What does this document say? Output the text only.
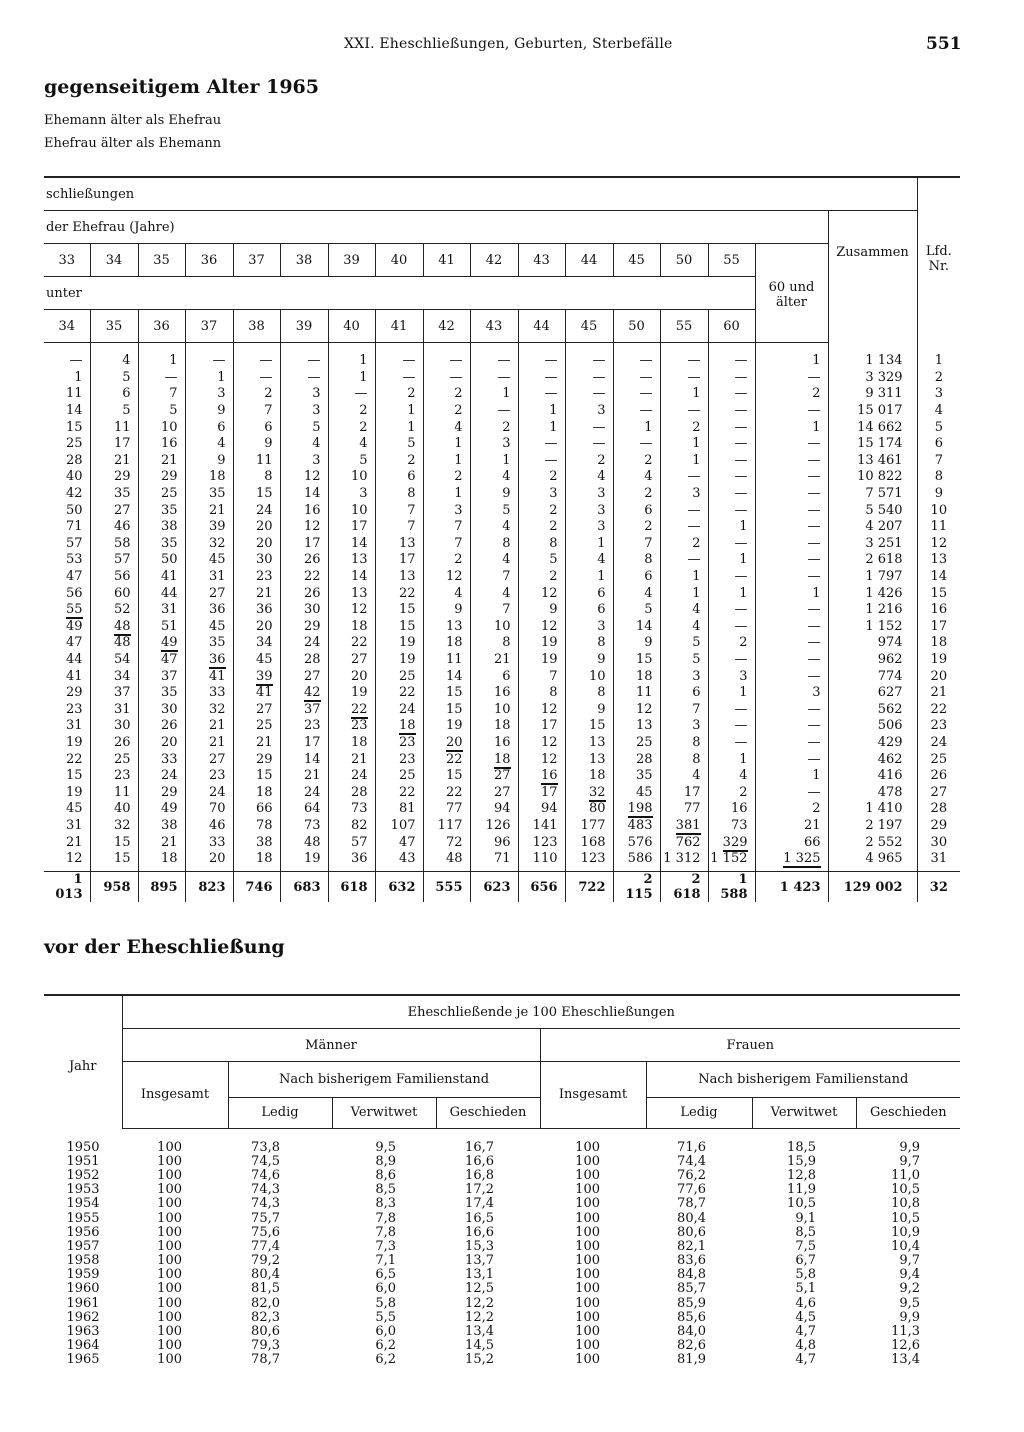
XXI. Eheschließungen, Geburten, Sterbefälle	551
gegenseitigem Alter 1965
Ehemann älter als Ehefrau
Ehefrau älter als Ehemann
schließungen																	Lfd. Nr.
der Ehefrau (Jahre)																Zusammen	
33	34	35	36	37	38	39	40	41	42	43	44	45	50	55	60 und älter		
unter																	
34	35	36	37	38	39	40	41	42	43	44	45	50	55	60			

—	4	1	—	—	—	1	—	—	—	—	—	—	—	—	1	1 134	1
1	5	—	1	—	—	1	—	—	—	—	—	—	—	—	—	3 329	2
11	6	7	3	2	3	—	2	2	1	—	—	—	1	—	2	9 311	3
14	5	5	9	7	3	2	1	2	—	1	3	—	—	—	—	15 017	4
15	11	10	6	6	5	2	1	4	2	1	—	1	2	—	1	14 662	5
25	17	16	4	9	4	4	5	1	3	—	—	—	1	—	—	15 174	6
28	21	21	9	11	3	5	2	1	1	—	2	2	1	—	—	13 461	7
40	29	29	18	8	12	10	6	2	4	2	4	4	—	—	—	10 822	8
42	35	25	35	15	14	3	8	1	9	3	3	2	3	—	—	7 571	9
50	27	35	21	24	16	10	7	3	5	2	3	6	—	—	—	5 540	10
71	46	38	39	20	12	17	7	7	4	2	3	2	—	1	—	4 207	11
57	58	35	32	20	17	14	13	7	8	8	1	7	2	—	—	3 251	12
53	57	50	45	30	26	13	17	2	4	5	4	8	—	1	—	2 618	13
47	56	41	31	23	22	14	13	12	7	2	1	6	1	—	—	1 797	14
56	60	44	27	21	26	13	22	4	4	12	6	4	1	1	1	1 426	15
55	52	31	36	36	30	12	15	9	7	9	6	5	4	—	—	1 216	16
49	48	51	45	20	29	18	15	13	10	12	3	14	4	—	—	1 152	17
47	48	49	35	34	24	22	19	18	8	19	8	9	5	2	—	974	18
44	54	47	36	45	28	27	19	11	21	19	9	15	5	—	—	962	19
41	34	37	41	39	27	20	25	14	6	7	10	18	3	3	—	774	20
29	37	35	33	41	42	19	22	15	16	8	8	11	6	1	3	627	21
23	31	30	32	27	37	22	24	15	10	12	9	12	7	—	—	562	22
31	30	26	21	25	23	23	18	19	18	17	15	13	3	—	—	506	23
19	26	20	21	21	17	18	23	20	16	12	13	25	8	—	—	429	24
22	25	33	27	29	14	21	23	22	18	12	13	28	8	1	—	462	25
15	23	24	23	15	21	24	25	15	27	16	18	35	4	4	1	416	26
19	11	29	24	18	24	28	22	22	27	17	32	45	17	2	—	478	27
45	40	49	70	66	64	73	81	77	94	94	80	198	77	16	2	1 410	28
31	32	38	46	78	73	82	107	117	126	141	177	483	381	73	21	2 197	29
21	15	21	33	38	48	57	47	72	96	123	168	576	762	329	66	2 552	30
12	15	18	20	18	19	36	43	48	71	110	123	586	1 312	1 152	1 325	4 965	31

1 013	958	895	823	746	683	618	632	555	623	656	722	2 115	2 618	1 588	1 423	129 002	32
vor der Eheschließung
Jahr	Eheschließende je 100 Eheschließungen							
	Männer				Frauen			
	Insgesamt	Nach bisherigem Familienstand			Insgesamt	Nach bisherigem Familienstand		
		Ledig	Verwitwet	Geschieden		Ledig	Verwitwet	Geschieden

1950	100	73,8	9,5	16,7	100	71,6	18,5	9,9
1951	100	74,5	8,9	16,6	100	74,4	15,9	9,7
1952	100	74,6	8,6	16,8	100	76,2	12,8	11,0
1953	100	74,3	8,5	17,2	100	77,6	11,9	10,5
1954	100	74,3	8,3	17,4	100	78,7	10,5	10,8
1955	100	75,7	7,8	16,5	100	80,4	9,1	10,5
1956	100	75,6	7,8	16,6	100	80,6	8,5	10,9
1957	100	77,4	7,3	15,3	100	82,1	7,5	10,4
1958	100	79,2	7,1	13,7	100	83,6	6,7	9,7
1959	100	80,4	6,5	13,1	100	84,8	5,8	9,4
1960	100	81,5	6,0	12,5	100	85,7	5,1	9,2
1961	100	82,0	5,8	12,2	100	85,9	4,6	9,5
1962	100	82,3	5,5	12,2	100	85,6	4,5	9,9
1963	100	80,6	6,0	13,4	100	84,0	4,7	11,3
1964	100	79,3	6,2	14,5	100	82,6	4,8	12,6
1965	100	78,7	6,2	15,2	100	81,9	4,7	13,4
